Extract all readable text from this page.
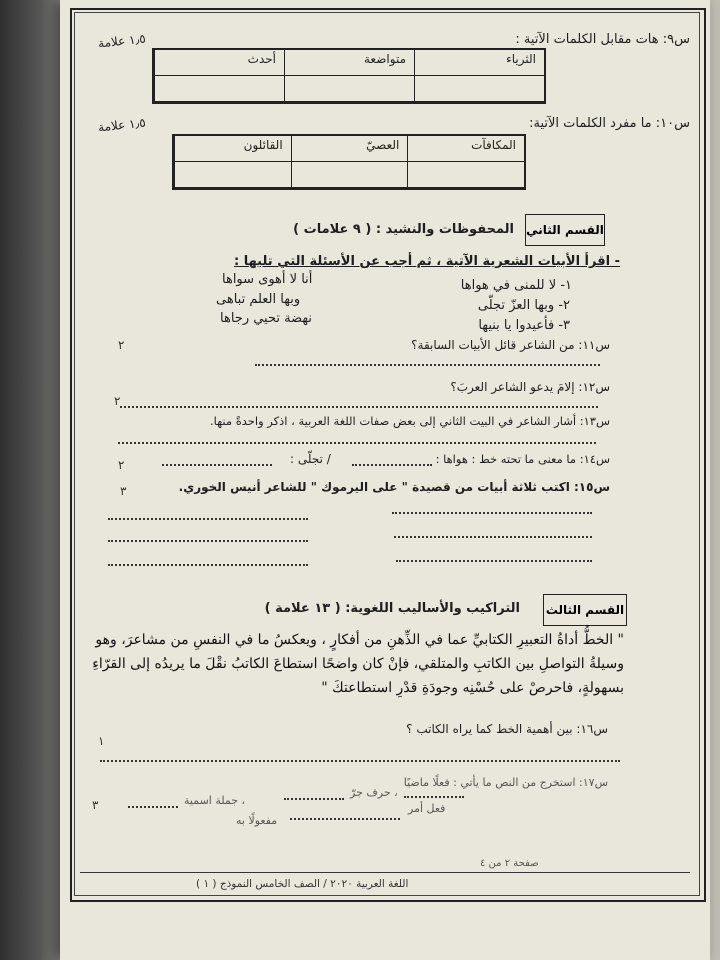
س٩: هات مقابل الكلمات الآتية :
١٫٥ علامة
الثرياء
متواضعة
أحدث
س١٠: ما مفرد الكلمات الآتية:
١٫٥ علامة
المكافآت
العصيّ
القائلون
القسم الثاني
المحفوظات والنشيد : ( ٩ علامات )
- اقرأ الأبيات الشعرية الآتية ، ثم أجب عن الأسئلة التي تليها :
١- لا للمنى في هواها
٢- وبها العزّ تجلّى
٣- فأعيدوا يا بنيها
أنا لا أهوى سواها
وبها العلم تباهى
نهضة تحيي رجاها
س١١: من الشاعر قائل الأبيات السابقة؟
٢
س١٢: إلامَ يدعو الشاعر العربَ؟
٢
س١٣: أشار الشاعر في البيت الثاني إلى بعض صفات اللغة العربية ، اذكر واحدةً منها.
س١٤: ما معنى ما تحته خط : هواها :
/ تجلّى :
٢
س١٥: اكتب ثلاثة أبيات من قصيدة " على اليرموك " للشاعر أنيس الخوري.
٣
القسم الثالث
التراكيب والأساليب اللغوية: ( ١٣ علامة )
" الخطُّ أداةُ التعبيرِ الكتابيِّ عما في الذِّهنِ من أفكارٍ ، ويعكسُ ما في النفسِ من مشاعرَ، وهو
وسيلةُ التواصلِ بين الكاتبِ والمتلقي، فإنْ كان واضحًا استطاعَ الكاتبُ نقْلَ ما يريدُه إلى القرّاءِ
بسهولةٍ، فاحرصْ على حُسْنِه وجودَةِ قدْرِ استطاعتكَ "
س١٦: بين أهمية الخط كما يراه الكاتب ؟
١
س١٧: استخرج من النص ما يأتي : فعلًا ماضيًا
، حرف جرّ
، جملة اسمية
فعل أمر
مفعولًا به
٣
صفحة ٢ من ٤
اللغة العربية ٢٠٢٠ / الصف الخامس النموذج ( ١ )
